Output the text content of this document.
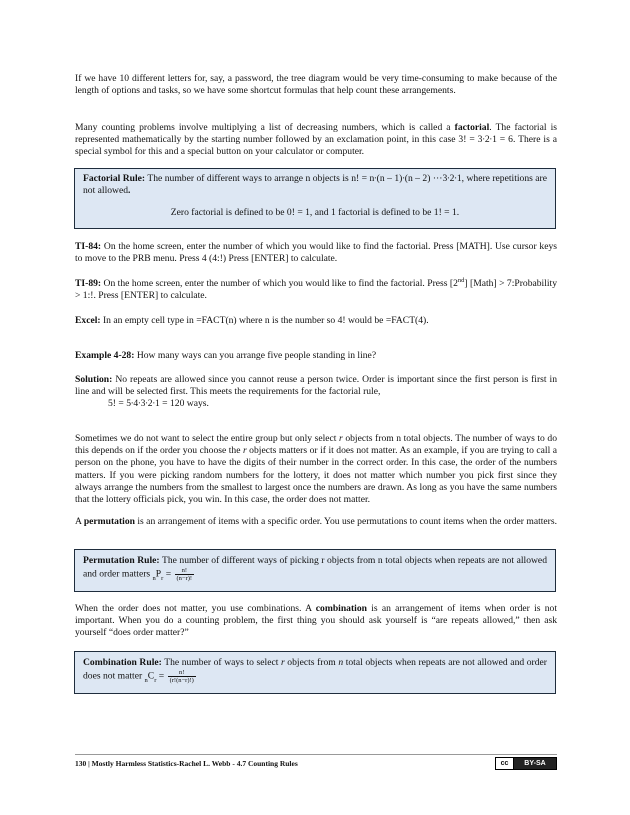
If we have 10 different letters for, say, a password, the tree diagram would be very time-consuming to make because of the length of options and tasks, so we have some shortcut formulas that help count these arrangements.

Many counting problems involve multiplying a list of decreasing numbers, which is called a factorial. The factorial is represented mathematically by the starting number followed by an exclamation point, in this case 3! = 3∙2∙1 = 6. There is a special symbol for this and a special button on your calculator or computer.

Factorial Rule: The number of different ways to arrange n objects is n! = n∙(n – 1)∙(n – 2) ···3∙2∙1, where repetitions are not allowed.

Zero factorial is defined to be 0! = 1, and 1 factorial is defined to be 1! = 1.

TI-84: On the home screen, enter the number of which you would like to find the factorial. Press [MATH]. Use cursor keys to move to the PRB menu. Press 4 (4:!) Press [ENTER] to calculate.

TI-89: On the home screen, enter the number of which you would like to find the factorial. Press [2nd] [Math] > 7:Probability > 1:!. Press [ENTER] to calculate.

Excel: In an empty cell type in =FACT(n) where n is the number so 4! would be =FACT(4).

Example 4-28: How many ways can you arrange five people standing in line?

Solution: No repeats are allowed since you cannot reuse a person twice. Order is important since the first person is first in line and will be selected first. This meets the requirements for the factorial rule,
5! = 5∙4∙3∙2∙1 = 120 ways.

Sometimes we do not want to select the entire group but only select r objects from n total objects. The number of ways to do this depends on if the order you choose the r objects matters or if it does not matter. As an example, if you are trying to call a person on the phone, you have to have the digits of their number in the correct order. In this case, the order of the numbers matters. If you were picking random numbers for the lottery, it does not matter which number you pick first since they always arrange the numbers from the smallest to largest once the numbers are drawn. As long as you have the same numbers that the lottery officials pick, you win. In this case, the order does not matter.

A permutation is an arrangement of items with a specific order. You use permutations to count items when the order matters.

Permutation Rule: The number of different ways of picking r objects from n total objects when repeats are not allowed and order matters $_nP_r = \frac{n!}{(n-r)!}$

When the order does not matter, you use combinations. A combination is an arrangement of items when order is not important. When you do a counting problem, the first thing you should ask yourself is “are repeats allowed,” then ask yourself “does order matter?”

Combination Rule: The number of ways to select r objects from n total objects when repeats are not allowed and order does not matter $_nC_r = \frac{n!}{(r!(n-r)!)}$

130 | Mostly Harmless Statistics-Rachel L. Webb - 4.7 Counting Rules	cc	BY-SA
